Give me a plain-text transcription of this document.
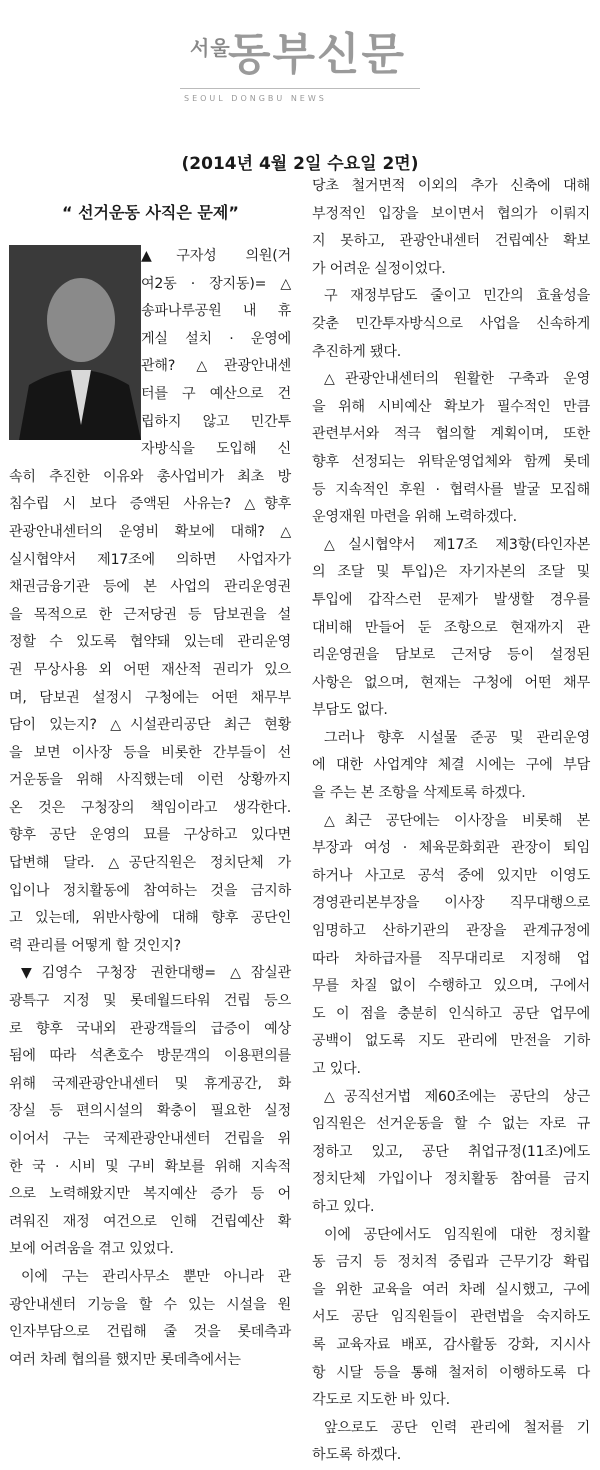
서울
동부신문
SEOUL DONGBU NEWS
(2014년 4월 2일 수요일 2면)
“ 선거운동 사직은 문제”

▲구자성 의원(거

여2동 · 장지동)= △

송파나루공원 내 휴

게실 설치 · 운영에

관해? △관광안내센

터를 구 예산으로 건

립하지 않고 민간투

자방식을 도입해 신

속히 추진한 이유와 총사업비가 최초 방

침수립 시 보다 증액된 사유는? △향후

관광안내센터의 운영비 확보에 대해? △

실시협약서 제17조에 의하면 사업자가

채권금융기관 등에 본 사업의 관리운영권

을 목적으로 한 근저당권 등 담보권을 설

정할 수 있도록 협약돼 있는데 관리운영

권 무상사용 외 어떤 재산적 권리가 있으

며, 담보권 설정시 구청에는 어떤 채무부

담이 있는지? △시설관리공단 최근 현황

을 보면 이사장 등을 비롯한 간부들이 선

거운동을 위해 사직했는데 이런 상황까지

온 것은 구청장의 책임이라고 생각한다.

향후 공단 운영의 묘를 구상하고 있다면

답변해 달라. △공단직원은 정치단체 가

입이나 정치활동에 참여하는 것을 금지하

고 있는데, 위반사항에 대해 향후 공단인

력 관리를 어떻게 할 것인지?

▼김영수 구청장 권한대행= △잠실관

광특구 지정 및 롯데월드타워 건립 등으

로 향후 국내외 관광객들의 급증이 예상

됨에 따라 석촌호수 방문객의 이용편의를

위해 국제관광안내센터 및 휴게공간, 화

장실 등 편의시설의 확충이 필요한 실정

이어서 구는 국제관광안내센터 건립을 위

한 국 · 시비 및 구비 확보를 위해 지속적

으로 노력해왔지만 복지예산 증가 등 어

려워진 재정 여건으로 인해 건립예산 확

보에 어려움을 겪고 있었다.

이에 구는 관리사무소 뿐만 아니라 관

광안내센터 기능을 할 수 있는 시설을 원

인자부담으로 건립해 줄 것을 롯데측과

여러 차례 협의를 했지만 롯데측에서는

당초 철거면적 이외의 추가 신축에 대해

부정적인 입장을 보이면서 협의가 이뤄지

지 못하고, 관광안내센터 건립예산 확보

가 어려운 실정이었다.

구 재정부담도 줄이고 민간의 효율성을

갖춘 민간투자방식으로 사업을 신속하게

추진하게 됐다.

△관광안내센터의 원활한 구축과 운영

을 위해 시비예산 확보가 필수적인 만큼

관련부서와 적극 협의할 계획이며, 또한

향후 선정되는 위탁운영업체와 함께 롯데

등 지속적인 후원 · 협력사를 발굴 모집해

운영재원 마련을 위해 노력하겠다.

△실시협약서 제17조 제3항(타인자본

의 조달 및 투입)은 자기자본의 조달 및

투입에 갑작스런 문제가 발생할 경우를

대비해 만들어 둔 조항으로 현재까지 관

리운영권을 담보로 근저당 등이 설정된

사항은 없으며, 현재는 구청에 어떤 채무

부담도 없다.

그러나 향후 시설물 준공 및 관리운영

에 대한 사업계약 체결 시에는 구에 부담

을 주는 본 조항을 삭제토록 하겠다.

△최근 공단에는 이사장을 비롯해 본

부장과 여성 · 체육문화회관 관장이 퇴임

하거나 사고로 공석 중에 있지만 이영도

경영관리본부장을 이사장 직무대행으로

임명하고 산하기관의 관장을 관계규정에

따라 차하급자를 직무대리로 지정해 업

무를 차질 없이 수행하고 있으며, 구에서

도 이 점을 충분히 인식하고 공단 업무에

공백이 없도록 지도 관리에 만전을 기하

고 있다.

△공직선거법 제60조에는 공단의 상근

임직원은 선거운동을 할 수 없는 자로 규

정하고 있고, 공단 취업규정(11조)에도

정치단체 가입이나 정치활동 참여를 금지

하고 있다.

이에 공단에서도 임직원에 대한 정치활

동 금지 등 정치적 중립과 근무기강 확립

을 위한 교육을 여러 차례 실시했고, 구에

서도 공단 임직원들이 관련법을 숙지하도

록 교육자료 배포, 감사활동 강화, 지시사

항 시달 등을 통해 철저히 이행하도록 다

각도로 지도한 바 있다.

앞으로도 공단 인력 관리에 철저를 기

하도록 하겠다.
